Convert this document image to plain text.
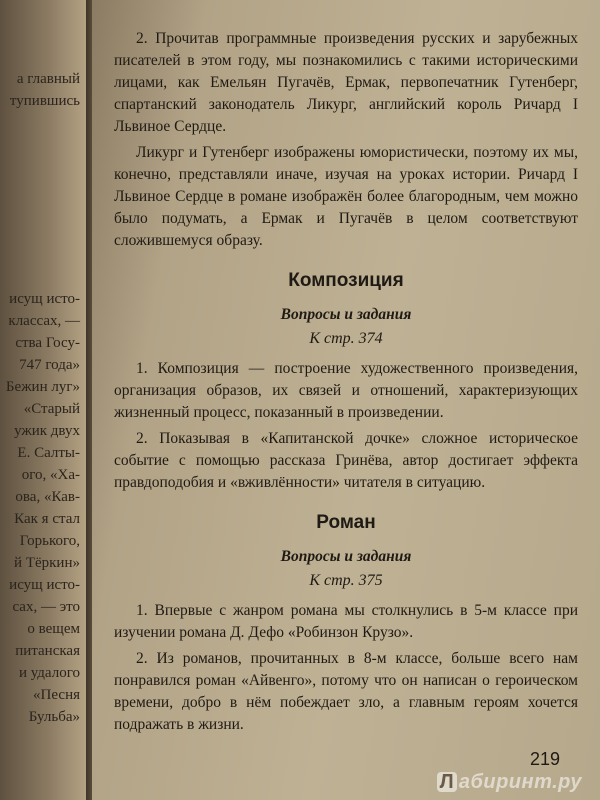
а главный
тупившись
исущ исто-
классах, —
ства Госу-
747 года»
Бежин луг»
«Старый
ужик двух
Е. Салты-
ого, «Ха-
ова, «Кав-
Как я стал
Горького,
й Тёркин»
исущ исто-
сах, — это
о вещем
питанская
и удалого
«Песня
Бульба»

2. Прочитав программные произведения русских и зарубежных писателей в этом году, мы познакомились с такими историческими лицами, как Емельян Пугачёв, Ермак, первопечатник Гутенберг, спартанский законодатель Ликург, английский король Ричард I Львиное Сердце.

Ликург и Гутенберг изображены юмористически, поэтому их мы, конечно, представляли иначе, изучая на уроках истории. Ричард I Львиное Сердце в романе изображён более благородным, чем можно было подумать, а Ермак и Пугачёв в целом соответствуют сложившемуся образу.

Композиция
Вопросы и задания
К стр. 374

1. Композиция — построение художественного произведения, организация образов, их связей и отношений, характеризующих жизненный процесс, показанный в произведении.

2. Показывая в «Капитанской дочке» сложное историческое событие с помощью рассказа Гринёва, автор достигает эффекта правдоподобия и «вживлённости» читателя в ситуацию.

Роман
Вопросы и задания
К стр. 375

1. Впервые с жанром романа мы столкнулись в 5-м классе при изучении романа Д. Дефо «Робинзон Крузо».

2. Из романов, прочитанных в 8-м классе, больше всего нам понравился роман «Айвенго», потому что он написан о героическом времени, добро в нём побеждает зло, а главным героям хочется подражать в жизни.

219
Л абиринт.ру
